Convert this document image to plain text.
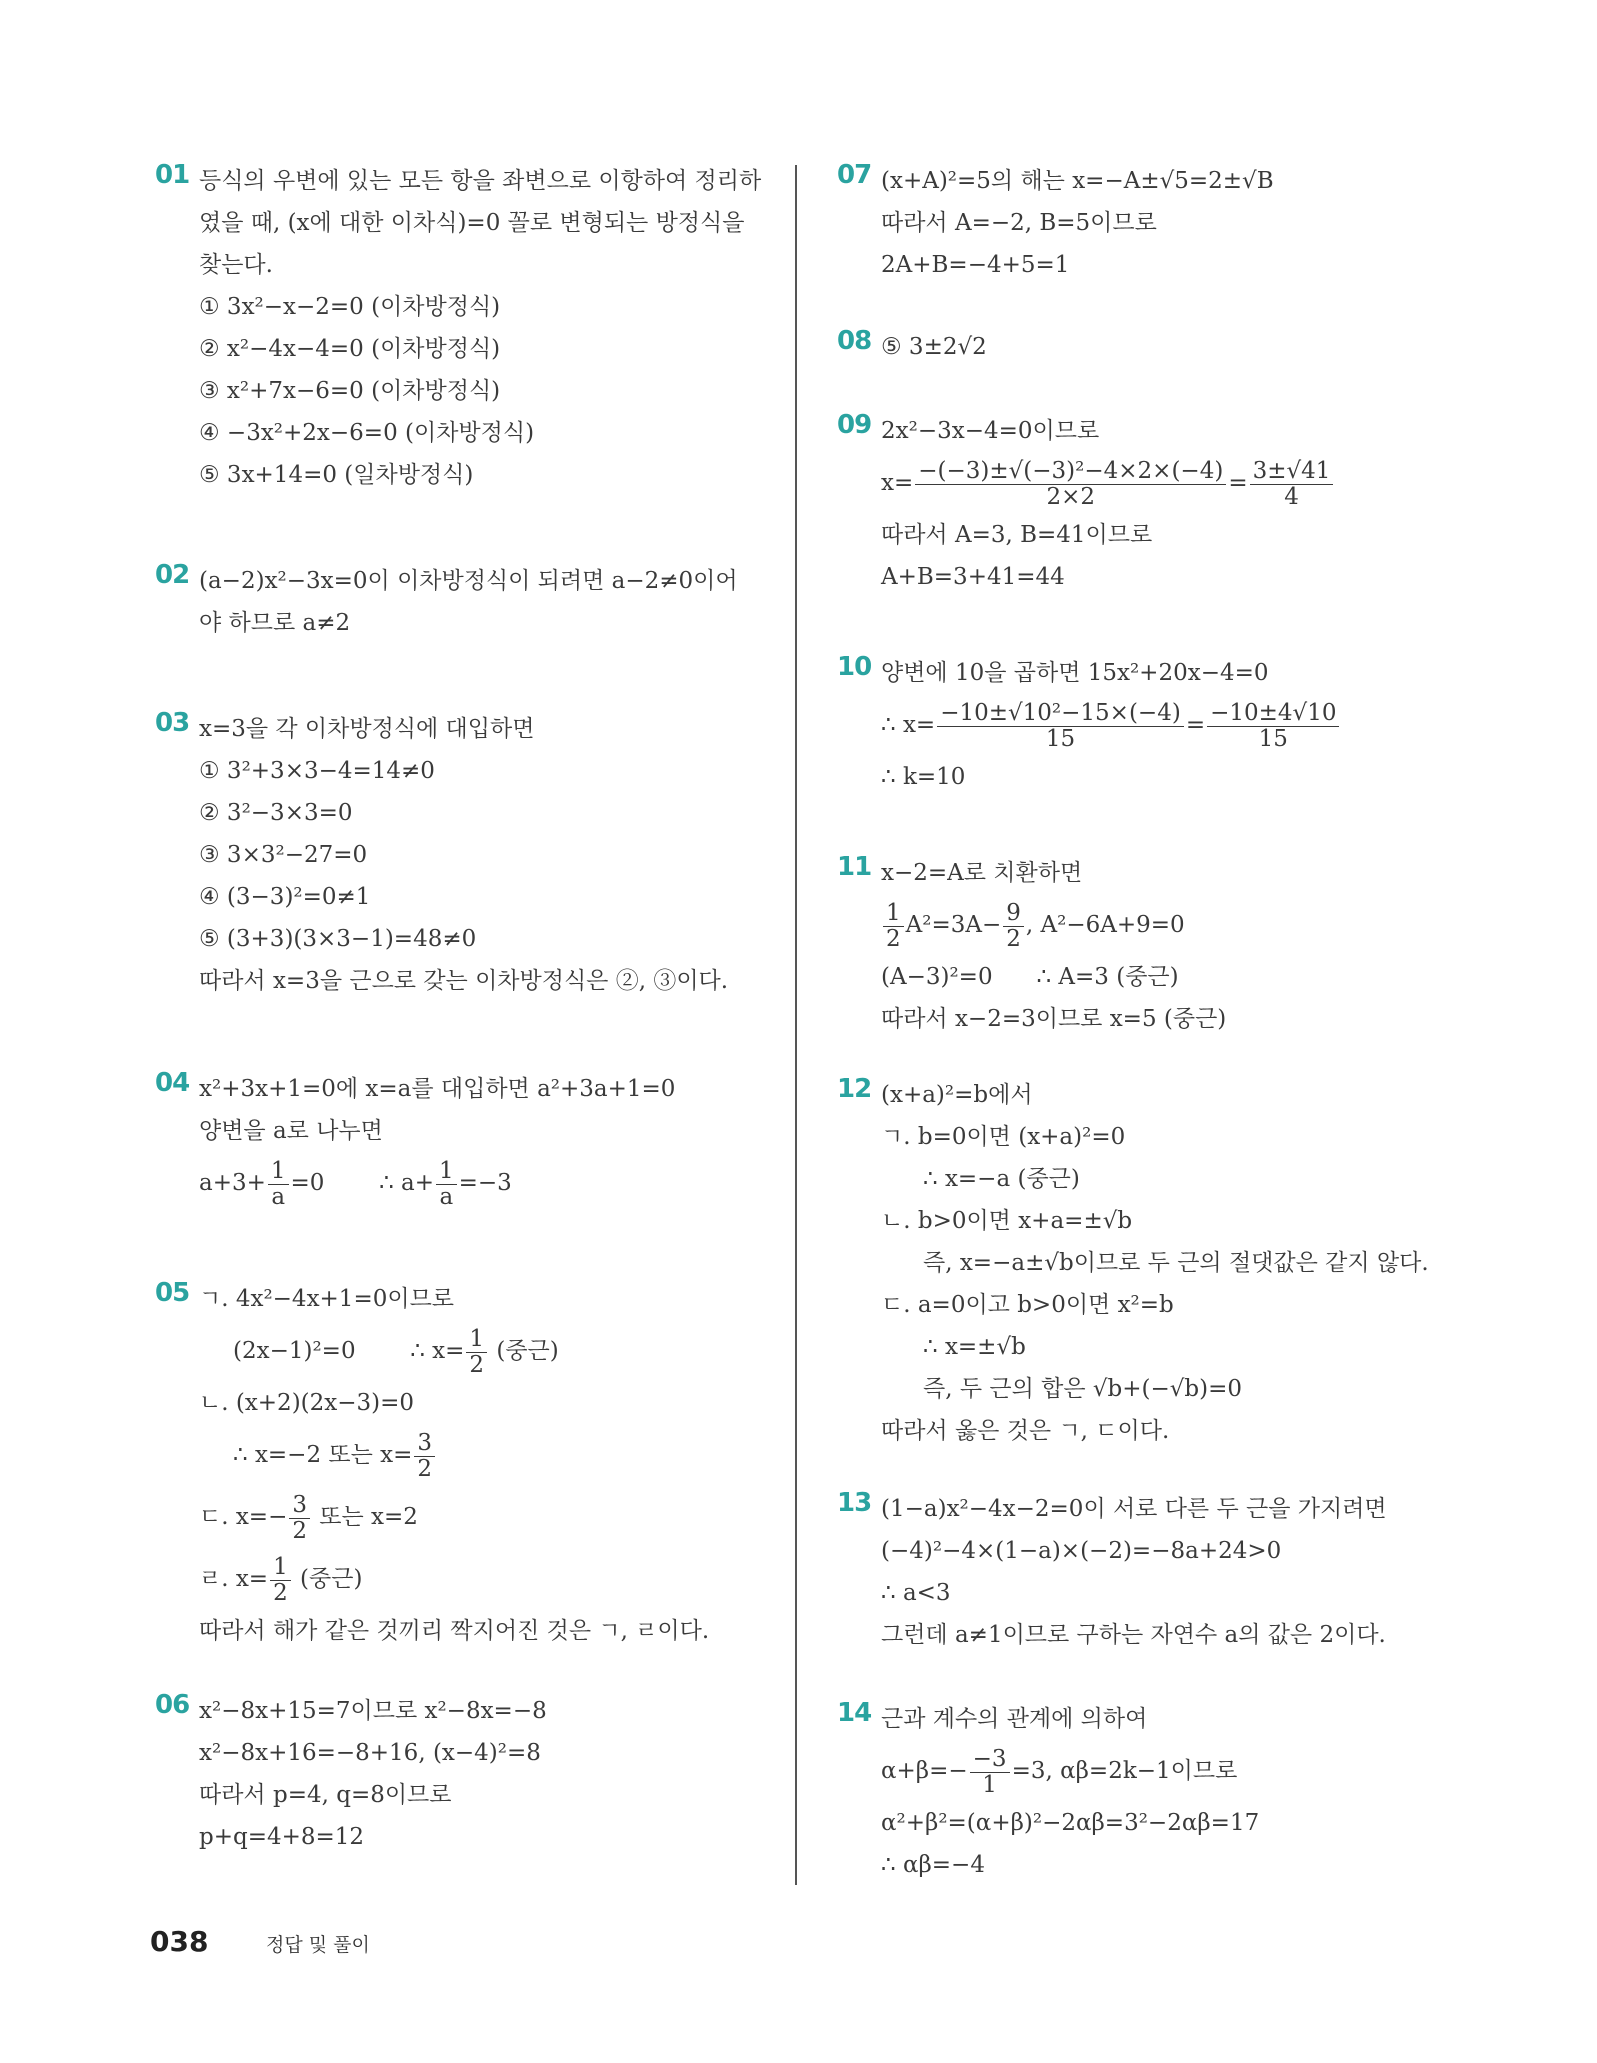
01 등식의 우변에 있는 모든 항을 좌변으로 이항하여 정리하
였을 때, (x에 대한 이차식)=0 꼴로 변형되는 방정식을
찾는다.
① 3x²−x−2=0 (이차방정식)
② x²−4x−4=0 (이차방정식)
③ x²+7x−6=0 (이차방정식)
④ −3x²+2x−6=0 (이차방정식)
⑤ 3x+14=0 (일차방정식)
02 (a−2)x²−3x=0이 이차방정식이 되려면 a−2≠0이어
야 하므로 a≠2
03 x=3을 각 이차방정식에 대입하면
① 3²+3×3−4=14≠0
② 3²−3×3=0
③ 3×3²−27=0
④ (3−3)²=0≠1
⑤ (3+3)(3×3−1)=48≠0
따라서 x=3을 근으로 갖는 이차방정식은 ②, ③이다.
04 x²+3x+1=0에 x=a를 대입하면 a²+3a+1=0
양변을 a로 나누면
$a+3+ \frac{1}{a} =0$ ∴ $a+ \frac{1}{a} =-3$
05 ㄱ. 4x²−4x+1=0이므로
(2x−1)²=0 ∴ $x= \frac{1}{2}$ (중근)
ㄴ. (x+2)(2x−3)=0
∴ x=−2 또는 $x= \frac{3}{2}$
ㄷ. $x=- \frac{3}{2}$ 또는 x=2
ㄹ. $x= \frac{1}{2}$ (중근)
따라서 해가 같은 것끼리 짝지어진 것은 ㄱ, ㄹ이다.
06 x²−8x+15=7이므로 x²−8x=−8
x²−8x+16=−8+16, (x−4)²=8
따라서 p=4, q=8이므로
p+q=4+8=12
07 (x+A)²=5의 해는 x=−A±√5=2±√B
따라서 A=−2, B=5이므로
2A+B=−4+5=1
08 ⑤ 3±2√2
09 2x²−3x−4=0이므로
$x= \frac{\text{−(−3)±√(−3)²−4×2×(−4)}}{2\times 2} = \frac{3\pm√41}{4}$
따라서 A=3, B=41이므로
A+B=3+41=44
10 양변에 10을 곱하면 15x²+20x−4=0
∴ $x= \frac{\text{−10±√10²−15×(−4)}}{15} = \frac{-10\pm 4√10}{15}$
∴ k=10
11 x−2=A로 치환하면
$\frac{1}{2} A^2=3A- \frac{9}{2}$ , A²−6A+9=0
(A−3)²=0      ∴ A=3 (중근)
따라서 x−2=3이므로 x=5 (중근)
12 (x+a)²=b에서
ㄱ. b=0이면 (x+a)²=0
∴ x=−a (중근)
ㄴ. b>0이면 x+a=±√b
즉, x=−a±√b이므로 두 근의 절댓값은 같지 않다.
ㄷ. a=0이고 b>0이면 x²=b
∴ x=±√b
즉, 두 근의 합은 √b+(−√b)=0
따라서 옳은 것은 ㄱ, ㄷ이다.
13 (1−a)x²−4x−2=0이 서로 다른 두 근을 가지려면
(−4)²−4×(1−a)×(−2)=−8a+24>0
∴ a<3
그런데 a≠1이므로 구하는 자연수 a의 값은 2이다.
14 근과 계수의 관계에 의하여
$\alpha+\beta=- \frac{-3}{1} =3$, αβ=2k−1이므로
α²+β²=(α+β)²−2αβ=3²−2αβ=17
∴ αβ=−4
038	정답 및 풀이
